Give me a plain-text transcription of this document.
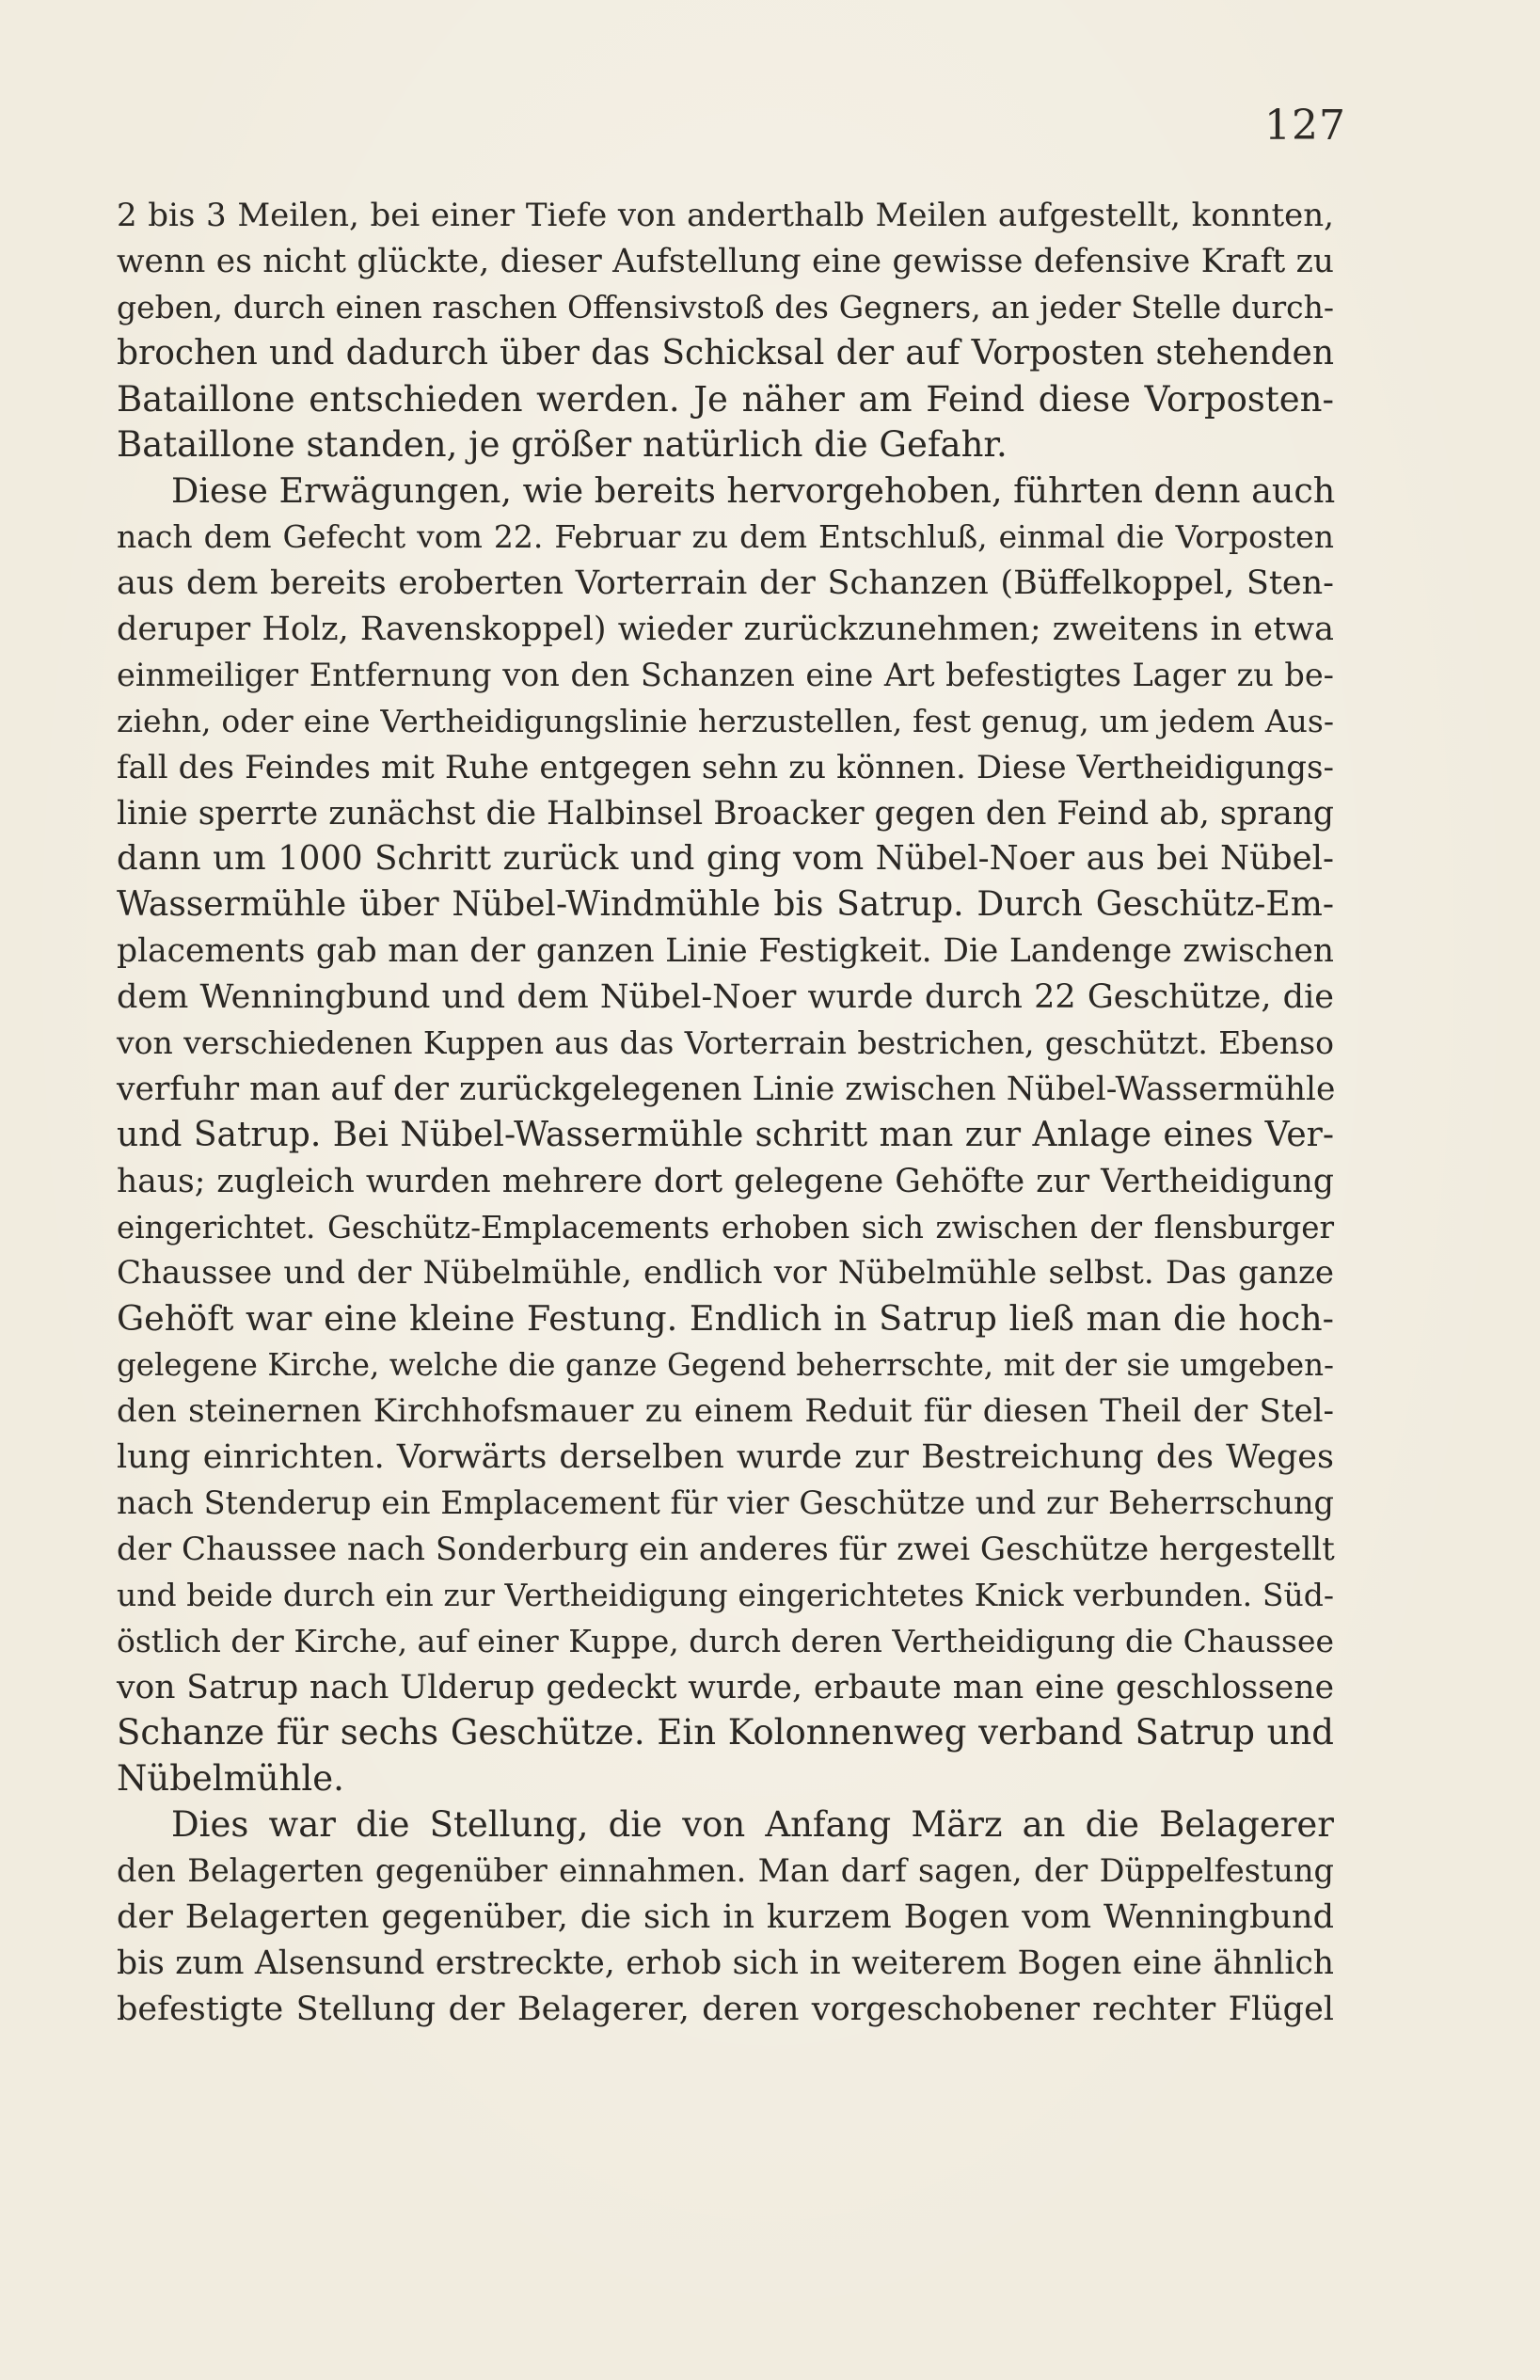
127
2 bis 3 Meilen, bei einer Tiefe von anderthalb Meilen aufgestellt, konnten,
wenn es nicht glückte, dieser Aufstellung eine gewisse defensive Kraft zu
geben, durch einen raschen Offensivstoß des Gegners, an jeder Stelle durch-
brochen und dadurch über das Schicksal der auf Vorposten stehenden
Bataillone entschieden werden. Je näher am Feind diese Vorposten-
Bataillone standen, je größer natürlich die Gefahr.
Diese Erwägungen, wie bereits hervorgehoben, führten denn auch
nach dem Gefecht vom 22. Februar zu dem Entschluß, einmal die Vorposten
aus dem bereits eroberten Vorterrain der Schanzen (Büffelkoppel, Sten-
deruper Holz, Ravenskoppel) wieder zurückzunehmen; zweitens in etwa
einmeiliger Entfernung von den Schanzen eine Art befestigtes Lager zu be-
ziehn, oder eine Vertheidigungslinie herzustellen, fest genug, um jedem Aus-
fall des Feindes mit Ruhe entgegen sehn zu können. Diese Vertheidigungs-
linie sperrte zunächst die Halbinsel Broacker gegen den Feind ab, sprang
dann um 1000 Schritt zurück und ging vom Nübel-Noer aus bei Nübel-
Wassermühle über Nübel-Windmühle bis Satrup. Durch Geschütz-Em-
placements gab man der ganzen Linie Festigkeit. Die Landenge zwischen
dem Wenningbund und dem Nübel-Noer wurde durch 22 Geschütze, die
von verschiedenen Kuppen aus das Vorterrain bestrichen, geschützt. Ebenso
verfuhr man auf der zurückgelegenen Linie zwischen Nübel-Wassermühle
und Satrup. Bei Nübel-Wassermühle schritt man zur Anlage eines Ver-
haus; zugleich wurden mehrere dort gelegene Gehöfte zur Vertheidigung
eingerichtet. Geschütz-Emplacements erhoben sich zwischen der flensburger
Chaussee und der Nübelmühle, endlich vor Nübelmühle selbst. Das ganze
Gehöft war eine kleine Festung. Endlich in Satrup ließ man die hoch-
gelegene Kirche, welche die ganze Gegend beherrschte, mit der sie umgeben-
den steinernen Kirchhofsmauer zu einem Reduit für diesen Theil der Stel-
lung einrichten. Vorwärts derselben wurde zur Bestreichung des Weges
nach Stenderup ein Emplacement für vier Geschütze und zur Beherrschung
der Chaussee nach Sonderburg ein anderes für zwei Geschütze hergestellt
und beide durch ein zur Vertheidigung eingerichtetes Knick verbunden. Süd-
östlich der Kirche, auf einer Kuppe, durch deren Vertheidigung die Chaussee
von Satrup nach Ulderup gedeckt wurde, erbaute man eine geschlossene
Schanze für sechs Geschütze. Ein Kolonnenweg verband Satrup und
Nübelmühle.
Dies war die Stellung, die von Anfang März an die Belagerer
den Belagerten gegenüber einnahmen. Man darf sagen, der Düppelfestung
der Belagerten gegenüber, die sich in kurzem Bogen vom Wenningbund
bis zum Alsensund erstreckte, erhob sich in weiterem Bogen eine ähnlich
befestigte Stellung der Belagerer, deren vorgeschobener rechter Flügel
